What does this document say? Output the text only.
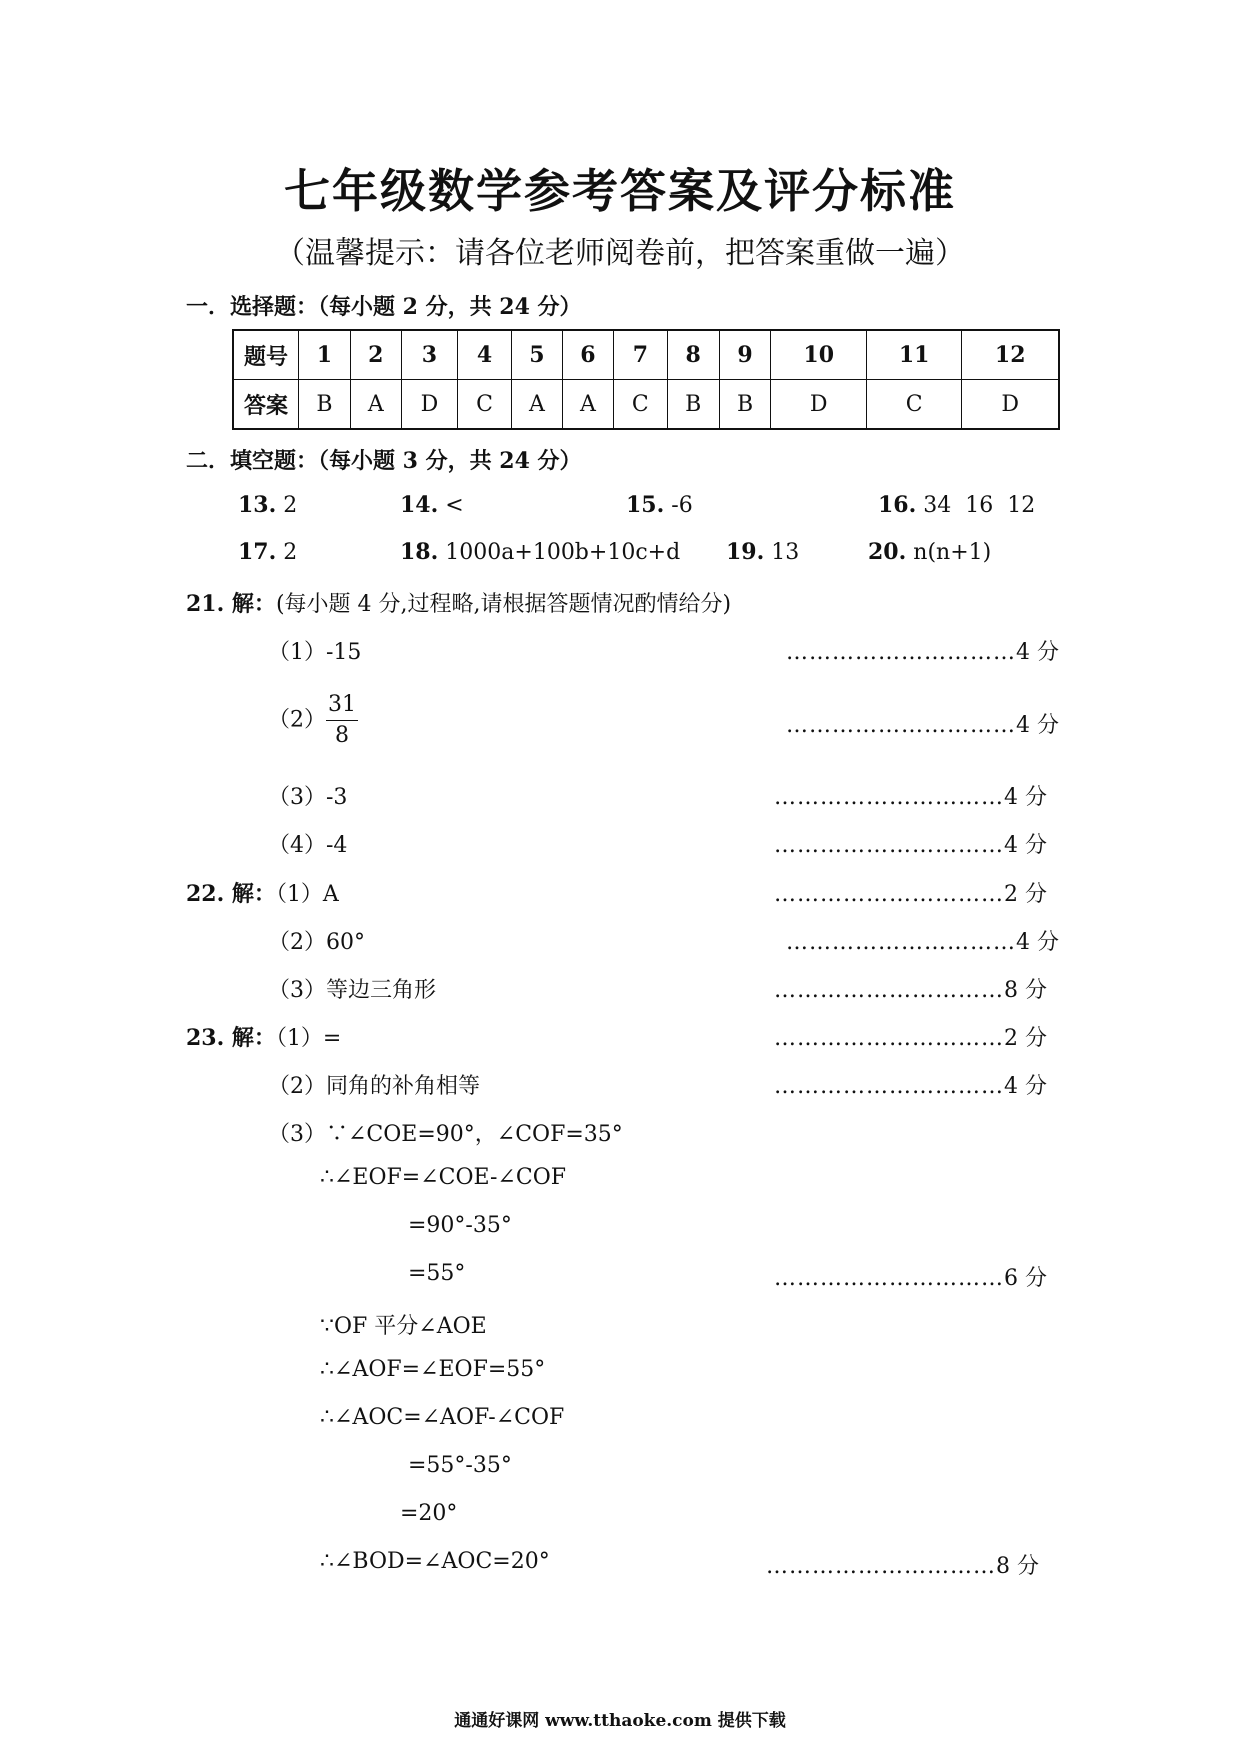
七年级数学参考答案及评分标准
（温馨提示：请各位老师阅卷前，把答案重做一遍）
一．选择题：（每小题 2 分，共 24 分）
题号	1	2	3	4	5	6	7	8	9	10	11	12
答案	B	A	D	C	A	A	C	B	B	D	C	D
二．填空题：（每小题 3 分，共 24 分）
13. 2	14. <	15. -6	16. 34  16  12
17. 2	18. 1000a+100b+10c+d 19. 13	20. n(n+1)
21. 解：(每小题 4 分,过程略,请根据答题情况酌情给分)
（1）-15	…………………………4 分
$(2) \frac{31}{8}$	…………………………4 分
（3）-3	…………………………4 分
（4）-4	…………………………4 分
22. 解：（1）A	…………………………2 分
（2）60°	…………………………4 分
（3）等边三角形	…………………………8 分
23. 解：（1）=	…………………………2 分
（2）同角的补角相等	…………………………4 分
（3）∵∠COE=90°，∠COF=35°
∴∠EOF=∠COE-∠COF
=90°-35°
=55°	…………………………6 分
∵OF 平分∠AOE
∴∠AOF=∠EOF=55°
∴∠AOC=∠AOF-∠COF
=55°-35°
=20°
∴∠BOD=∠AOC=20°	…………………………8 分
通通好课网 www.tthaoke.com 提供下载
